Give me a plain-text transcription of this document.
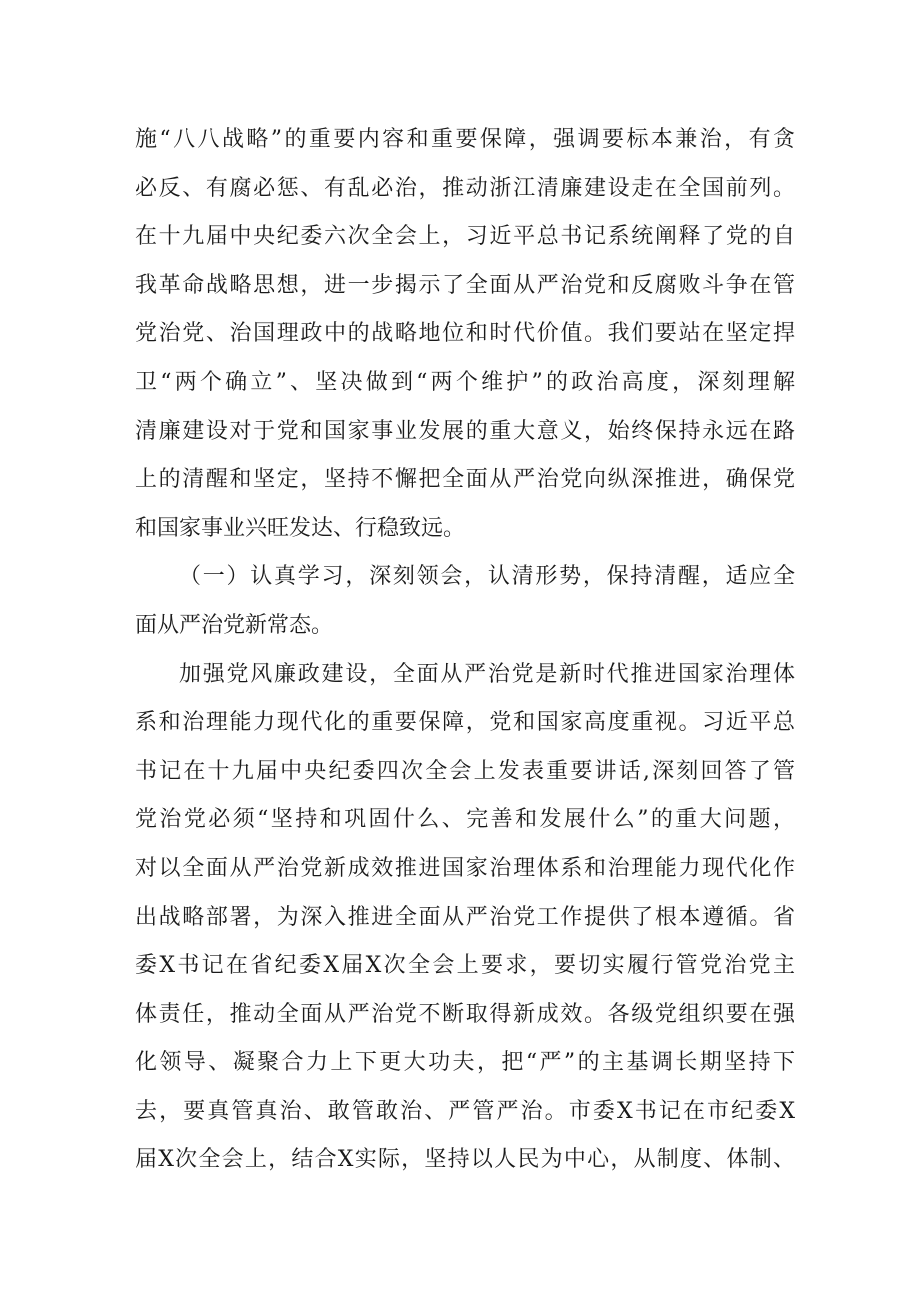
施“八八战略”的重要内容和重要保障，强调要标本兼治，有贪
必反、有腐必惩、有乱必治，推动浙江清廉建设走在全国前列。
在十九届中央纪委六次全会上，习近平总书记系统阐释了党的自
我革命战略思想，进一步揭示了全面从严治党和反腐败斗争在管
党治党、治国理政中的战略地位和时代价值。我们要站在坚定捍
卫“两个确立”、坚决做到“两个维护”的政治高度，深刻理解
清廉建设对于党和国家事业发展的重大意义，始终保持永远在路
上的清醒和坚定，坚持不懈把全面从严治党向纵深推进，确保党
和国家事业兴旺发达、行稳致远。
（一）认真学习，深刻领会，认清形势，保持清醒，适应全
面从严治党新常态。
加强党风廉政建设，全面从严治党是新时代推进国家治理体
系和治理能力现代化的重要保障，党和国家高度重视。习近平总
书记在十九届中央纪委四次全会上发表重要讲话,深刻回答了管
党治党必须“坚持和巩固什么、完善和发展什么”的重大问题，
对以全面从严治党新成效推进国家治理体系和治理能力现代化作
出战略部署，为深入推进全面从严治党工作提供了根本遵循。省
委X书记在省纪委X届X次全会上要求，要切实履行管党治党主
体责任，推动全面从严治党不断取得新成效。各级党组织要在强
化领导、凝聚合力上下更大功夫，把“严”的主基调长期坚持下
去，要真管真治、敢管敢治、严管严治。市委X书记在市纪委X
届X次全会上，结合X实际，坚持以人民为中心，从制度、体制、
